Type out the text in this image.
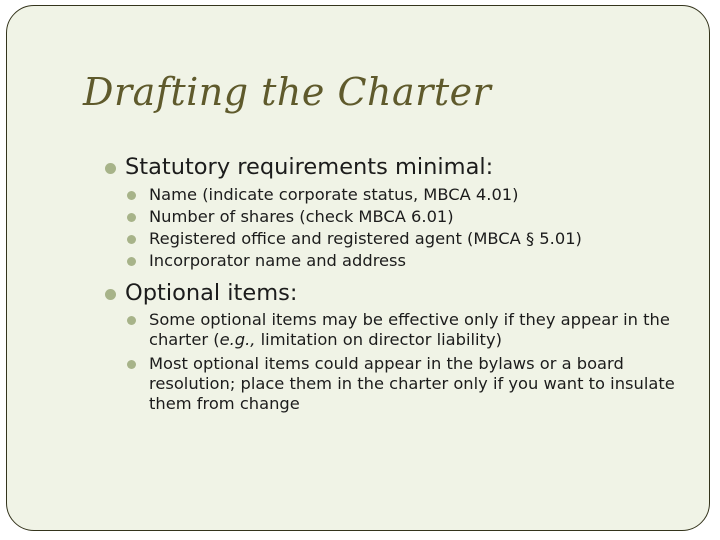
Drafting the Charter
Statutory requirements minimal:
Name (indicate corporate status, MBCA 4.01)
Number of shares (check MBCA 6.01)
Registered office and registered agent (MBCA § 5.01)
Incorporator name and address
Optional items:
Some optional items may be effective only if they appear in the charter (e.g., limitation on director liability)
Most optional items could appear in the bylaws or a board resolution; place them in the charter only if you want to insulate them from change
